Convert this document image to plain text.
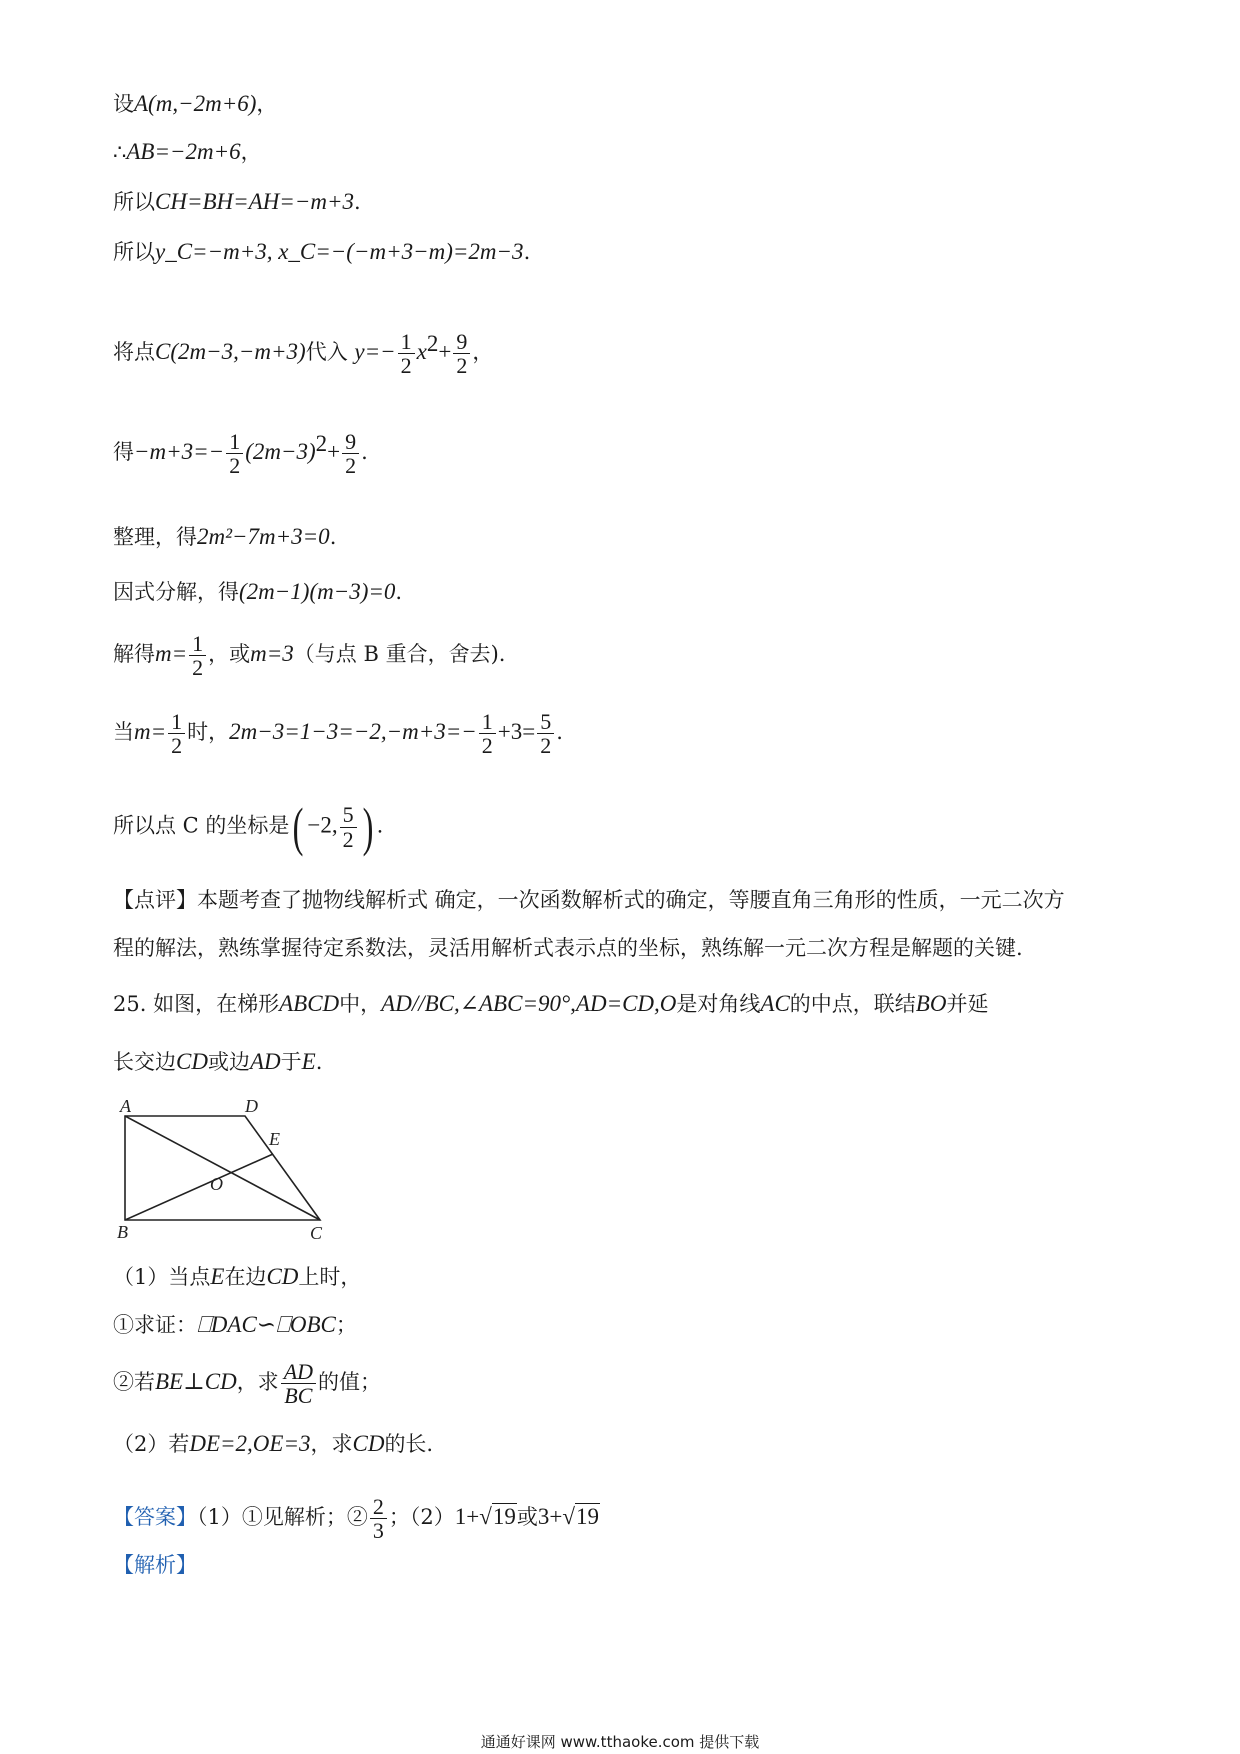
设A(m,−2m+6)，
∴AB=−2m+6，
所以CH=BH=AH=−m+3.
所以y_C=−m+3, x_C=−(−m+3−m)=2m−3.
将点C(2m−3,−m+3)代入 $y=- \frac{1}{2} x^2+ \frac{9}{2}$ ，
得$-m+3=- \frac{1}{2} (2m-3)^2+ \frac{9}{2}$ .
整理，得2m²−7m+3=0.
因式分解，得(2m−1)(m−3)=0.
解得$m= \frac{1}{2}$ ，或m=3（与点 B 重合，舍去).
当$m= \frac{1}{2}$ 时，$2m-3=1-3=-2,-m+3=- \frac{1}{2} +3= \frac{5}{2}$ .
所以点 C 的坐标是( −2, $\frac{5}{2}$ ) .
【点评】本题考查了抛物线解析式 确定，一次函数解析式的确定，等腰直角三角形的性质，一元二次方
程的解法，熟练掌握待定系数法，灵活用解析式表示点的坐标，熟练解一元二次方程是解题的关键.
25. 如图，在梯形ABCD中，AD//BC,∠ABC=90°,AD=CD,O是对角线AC的中点，联结BO并延
长交边CD或边AD于E.
A	D
E
O
B	C
（1）当点E在边CD上时，
①求证：⎕DAC∽⎕OBC；
②若BE⊥CD，求 $\frac{AD}{BC}$ 的值；
（2）若DE=2,OE=3，求CD的长.
【答案】（1）①见解析；② $\frac{2}{3}$ ；（2）1+√19或3+√19
【解析】
通通好课网 www.tthaoke.com 提供下载
